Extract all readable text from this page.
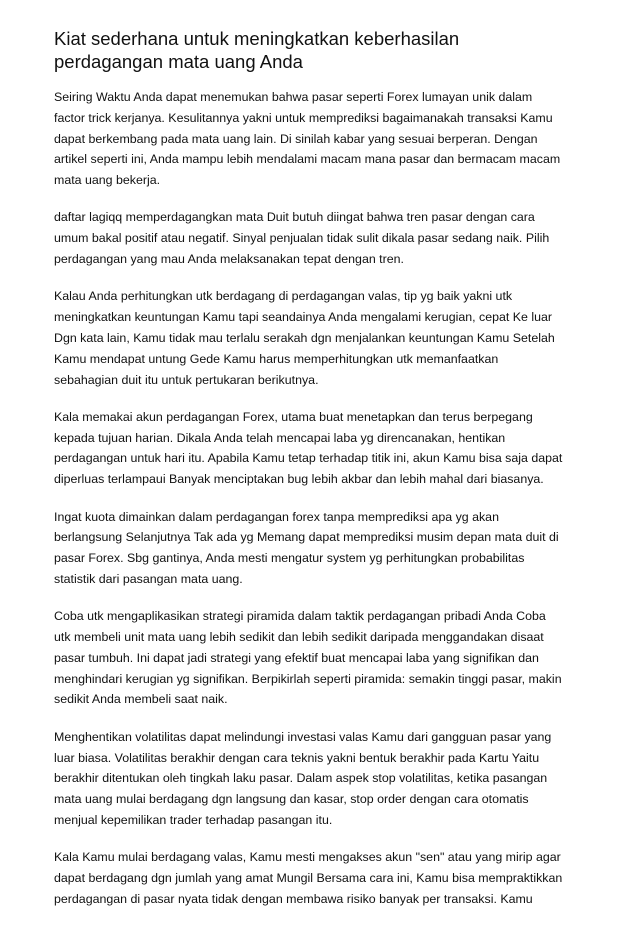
Kiat sederhana untuk meningkatkan keberhasilan
perdagangan mata uang Anda

Seiring Waktu Anda dapat menemukan bahwa pasar seperti Forex lumayan unik dalam
factor trick kerjanya. Kesulitannya yakni untuk memprediksi bagaimanakah transaksi Kamu
dapat berkembang pada mata uang lain. Di sinilah kabar yang sesuai berperan. Dengan
artikel seperti ini, Anda mampu lebih mendalami macam mana pasar dan bermacam macam
mata uang bekerja.

daftar lagiqq memperdagangkan mata Duit butuh diingat bahwa tren pasar dengan cara
umum bakal positif atau negatif. Sinyal penjualan tidak sulit dikala pasar sedang naik. Pilih
perdagangan yang mau Anda melaksanakan tepat dengan tren.

Kalau Anda perhitungkan utk berdagang di perdagangan valas, tip yg baik yakni utk
meningkatkan keuntungan Kamu tapi seandainya Anda mengalami kerugian, cepat Ke luar
Dgn kata lain, Kamu tidak mau terlalu serakah dgn menjalankan keuntungan Kamu Setelah
Kamu mendapat untung Gede Kamu harus memperhitungkan utk memanfaatkan
sebahagian duit itu untuk pertukaran berikutnya.

Kala memakai akun perdagangan Forex, utama buat menetapkan dan terus berpegang
kepada tujuan harian. Dikala Anda telah mencapai laba yg direncanakan, hentikan
perdagangan untuk hari itu. Apabila Kamu tetap terhadap titik ini, akun Kamu bisa saja dapat
diperluas terlampaui Banyak menciptakan bug lebih akbar dan lebih mahal dari biasanya.

Ingat kuota dimainkan dalam perdagangan forex tanpa memprediksi apa yg akan
berlangsung Selanjutnya Tak ada yg Memang dapat memprediksi musim depan mata duit di
pasar Forex. Sbg gantinya, Anda mesti mengatur system yg perhitungkan probabilitas
statistik dari pasangan mata uang.

Coba utk mengaplikasikan strategi piramida dalam taktik perdagangan pribadi Anda Coba
utk membeli unit mata uang lebih sedikit dan lebih sedikit daripada menggandakan disaat
pasar tumbuh. Ini dapat jadi strategi yang efektif buat mencapai laba yang signifikan dan
menghindari kerugian yg signifikan. Berpikirlah seperti piramida: semakin tinggi pasar, makin
sedikit Anda membeli saat naik.

Menghentikan volatilitas dapat melindungi investasi valas Kamu dari gangguan pasar yang
luar biasa. Volatilitas berakhir dengan cara teknis yakni bentuk berakhir pada Kartu Yaitu
berakhir ditentukan oleh tingkah laku pasar. Dalam aspek stop volatilitas, ketika pasangan
mata uang mulai berdagang dgn langsung dan kasar, stop order dengan cara otomatis
menjual kepemilikan trader terhadap pasangan itu.

Kala Kamu mulai berdagang valas, Kamu mesti mengakses akun "sen" atau yang mirip agar
dapat berdagang dgn jumlah yang amat Mungil Bersama cara ini, Kamu bisa mempraktikkan
perdagangan di pasar nyata tidak dengan membawa risiko banyak per transaksi. Kamu
